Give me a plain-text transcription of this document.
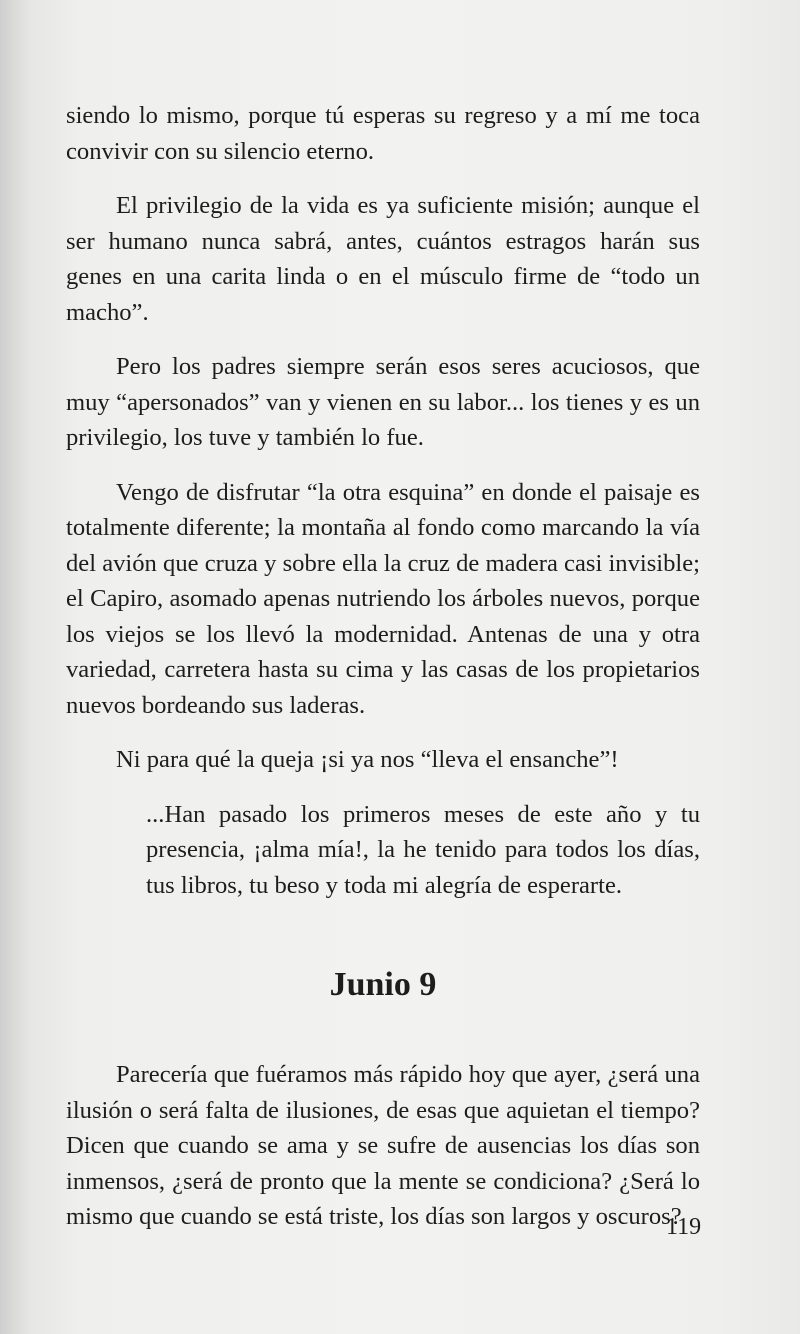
siendo lo mismo, porque tú esperas su regreso y a mí me toca convivir con su silencio eterno.

El privilegio de la vida es ya suficiente misión; aunque el ser humano nunca sabrá, antes, cuántos estragos harán sus genes en una carita linda o en el músculo firme de “todo un macho”.

Pero los padres siempre serán esos seres acuciosos, que muy “apersonados” van y vienen en su labor... los tienes y es un privilegio, los tuve y también lo fue.

Vengo de disfrutar “la otra esquina” en donde el paisaje es totalmente diferente; la montaña al fondo como marcando la vía del avión que cruza y sobre ella la cruz de madera casi invisible; el Capiro, asomado apenas nutriendo los árboles nuevos, porque los viejos se los llevó la modernidad. Antenas de una y otra variedad, carretera hasta su cima y las casas de los propietarios nuevos bordeando sus laderas.

Ni para qué la queja ¡si ya nos “lleva el ensanche”!

...Han pasado los primeros meses de este año y tu presencia, ¡alma mía!, la he tenido para todos los días, tus libros, tu beso y toda mi alegría de esperarte.

Junio 9

Parecería que fuéramos más rápido hoy que ayer, ¿será una ilusión o será falta de ilusiones, de esas que aquietan el tiempo? Dicen que cuando se ama y se sufre de ausencias los días son inmensos, ¿será de pronto que la mente se condiciona? ¿Será lo mismo que cuando se está triste, los días son largos y oscuros?

119
